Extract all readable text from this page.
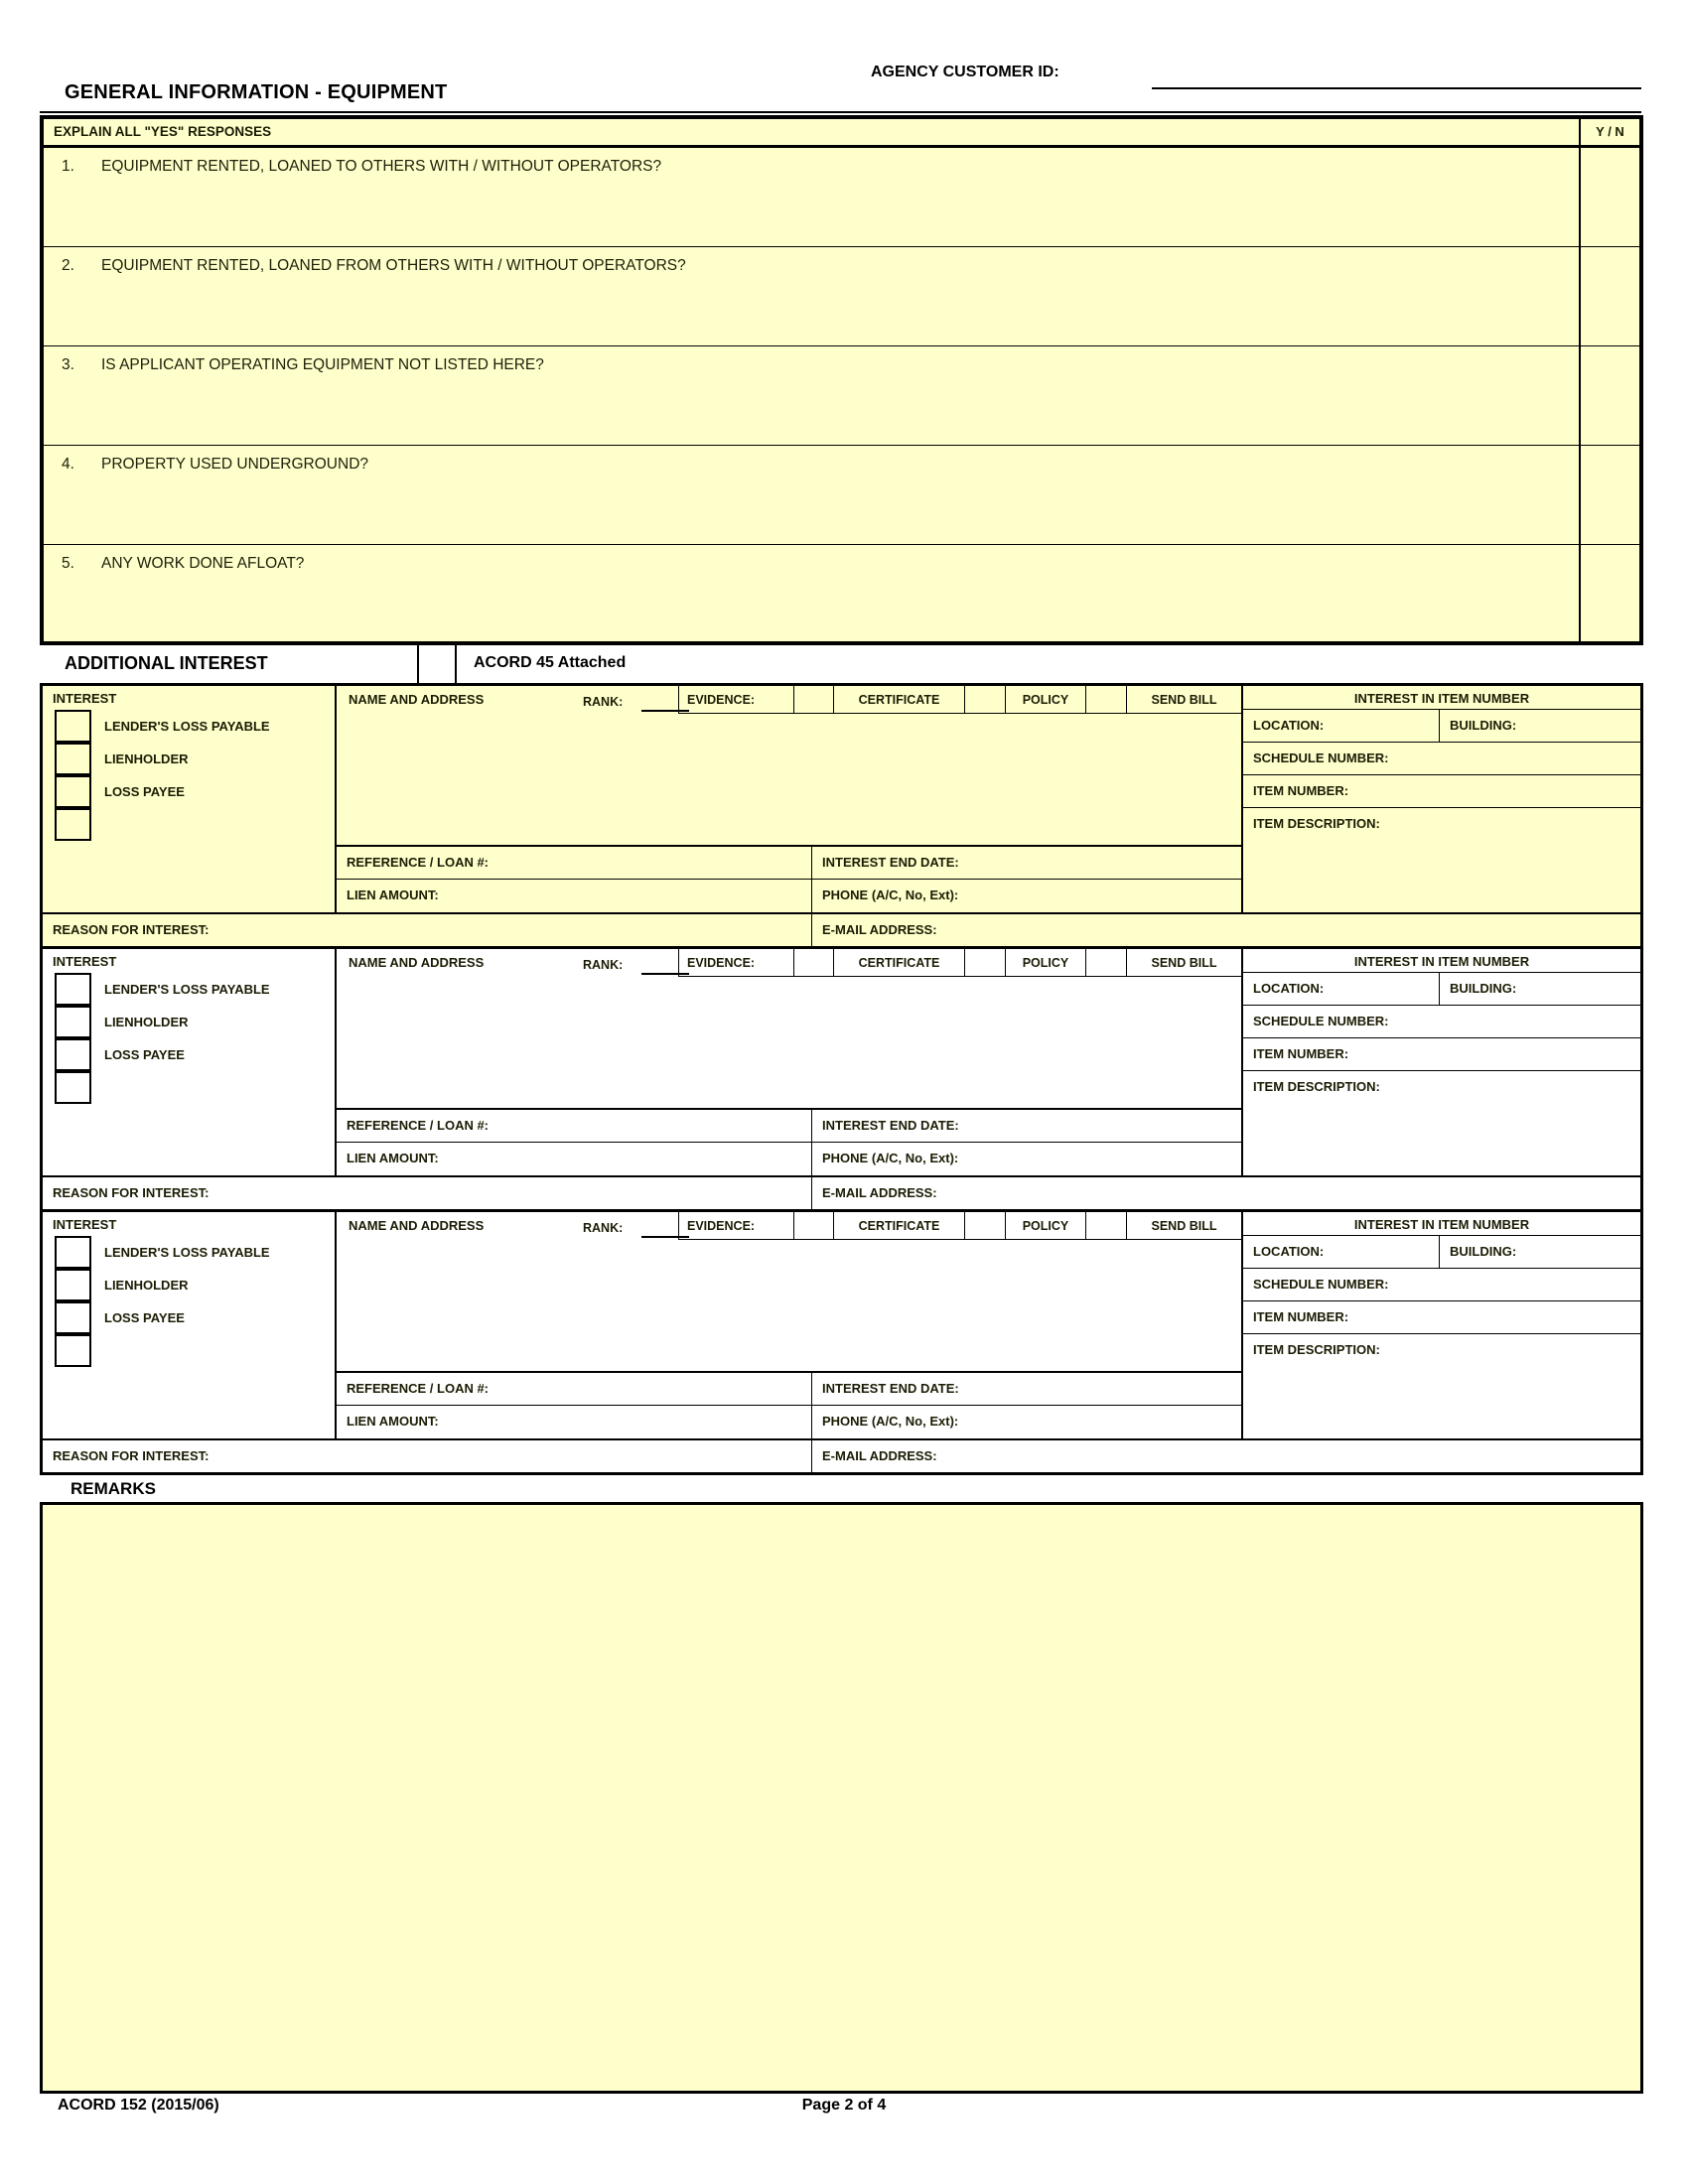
GENERAL INFORMATION - EQUIPMENT
AGENCY CUSTOMER ID:
EXPLAIN ALL "YES" RESPONSES	Y / N
1. EQUIPMENT RENTED, LOANED TO OTHERS WITH / WITHOUT OPERATORS?
2. EQUIPMENT RENTED, LOANED FROM OTHERS WITH / WITHOUT OPERATORS?
3. IS APPLICANT OPERATING EQUIPMENT NOT LISTED HERE?
4. PROPERTY USED UNDERGROUND?
5. ANY WORK DONE AFLOAT?
ADDITIONAL INTEREST	ACORD 45 Attached
INTEREST
LENDER'S LOSS PAYABLE
LIENHOLDER
LOSS PAYEE
NAME AND ADDRESS	RANK:	EVIDENCE:	CERTIFICATE	POLICY	SEND BILL
REFERENCE / LOAN #:	INTEREST END DATE:
LIEN AMOUNT:	PHONE (A/C, No, Ext):
REASON FOR INTEREST:	E-MAIL ADDRESS:
INTEREST IN ITEM NUMBER
LOCATION:	BUILDING:
SCHEDULE NUMBER:
ITEM NUMBER:
ITEM DESCRIPTION:
INTEREST
LENDER'S LOSS PAYABLE
LIENHOLDER
LOSS PAYEE
NAME AND ADDRESS	RANK:	EVIDENCE:	CERTIFICATE	POLICY	SEND BILL
REFERENCE / LOAN #:	INTEREST END DATE:
LIEN AMOUNT:	PHONE (A/C, No, Ext):
REASON FOR INTEREST:	E-MAIL ADDRESS:
INTEREST IN ITEM NUMBER
LOCATION:	BUILDING:
SCHEDULE NUMBER:
ITEM NUMBER:
ITEM DESCRIPTION:
INTEREST
LENDER'S LOSS PAYABLE
LIENHOLDER
LOSS PAYEE
NAME AND ADDRESS	RANK:	EVIDENCE:	CERTIFICATE	POLICY	SEND BILL
REFERENCE / LOAN #:	INTEREST END DATE:
LIEN AMOUNT:	PHONE (A/C, No, Ext):
REASON FOR INTEREST:	E-MAIL ADDRESS:
INTEREST IN ITEM NUMBER
LOCATION:	BUILDING:
SCHEDULE NUMBER:
ITEM NUMBER:
ITEM DESCRIPTION:
REMARKS
ACORD 152 (2015/06)	Page 2 of 4
